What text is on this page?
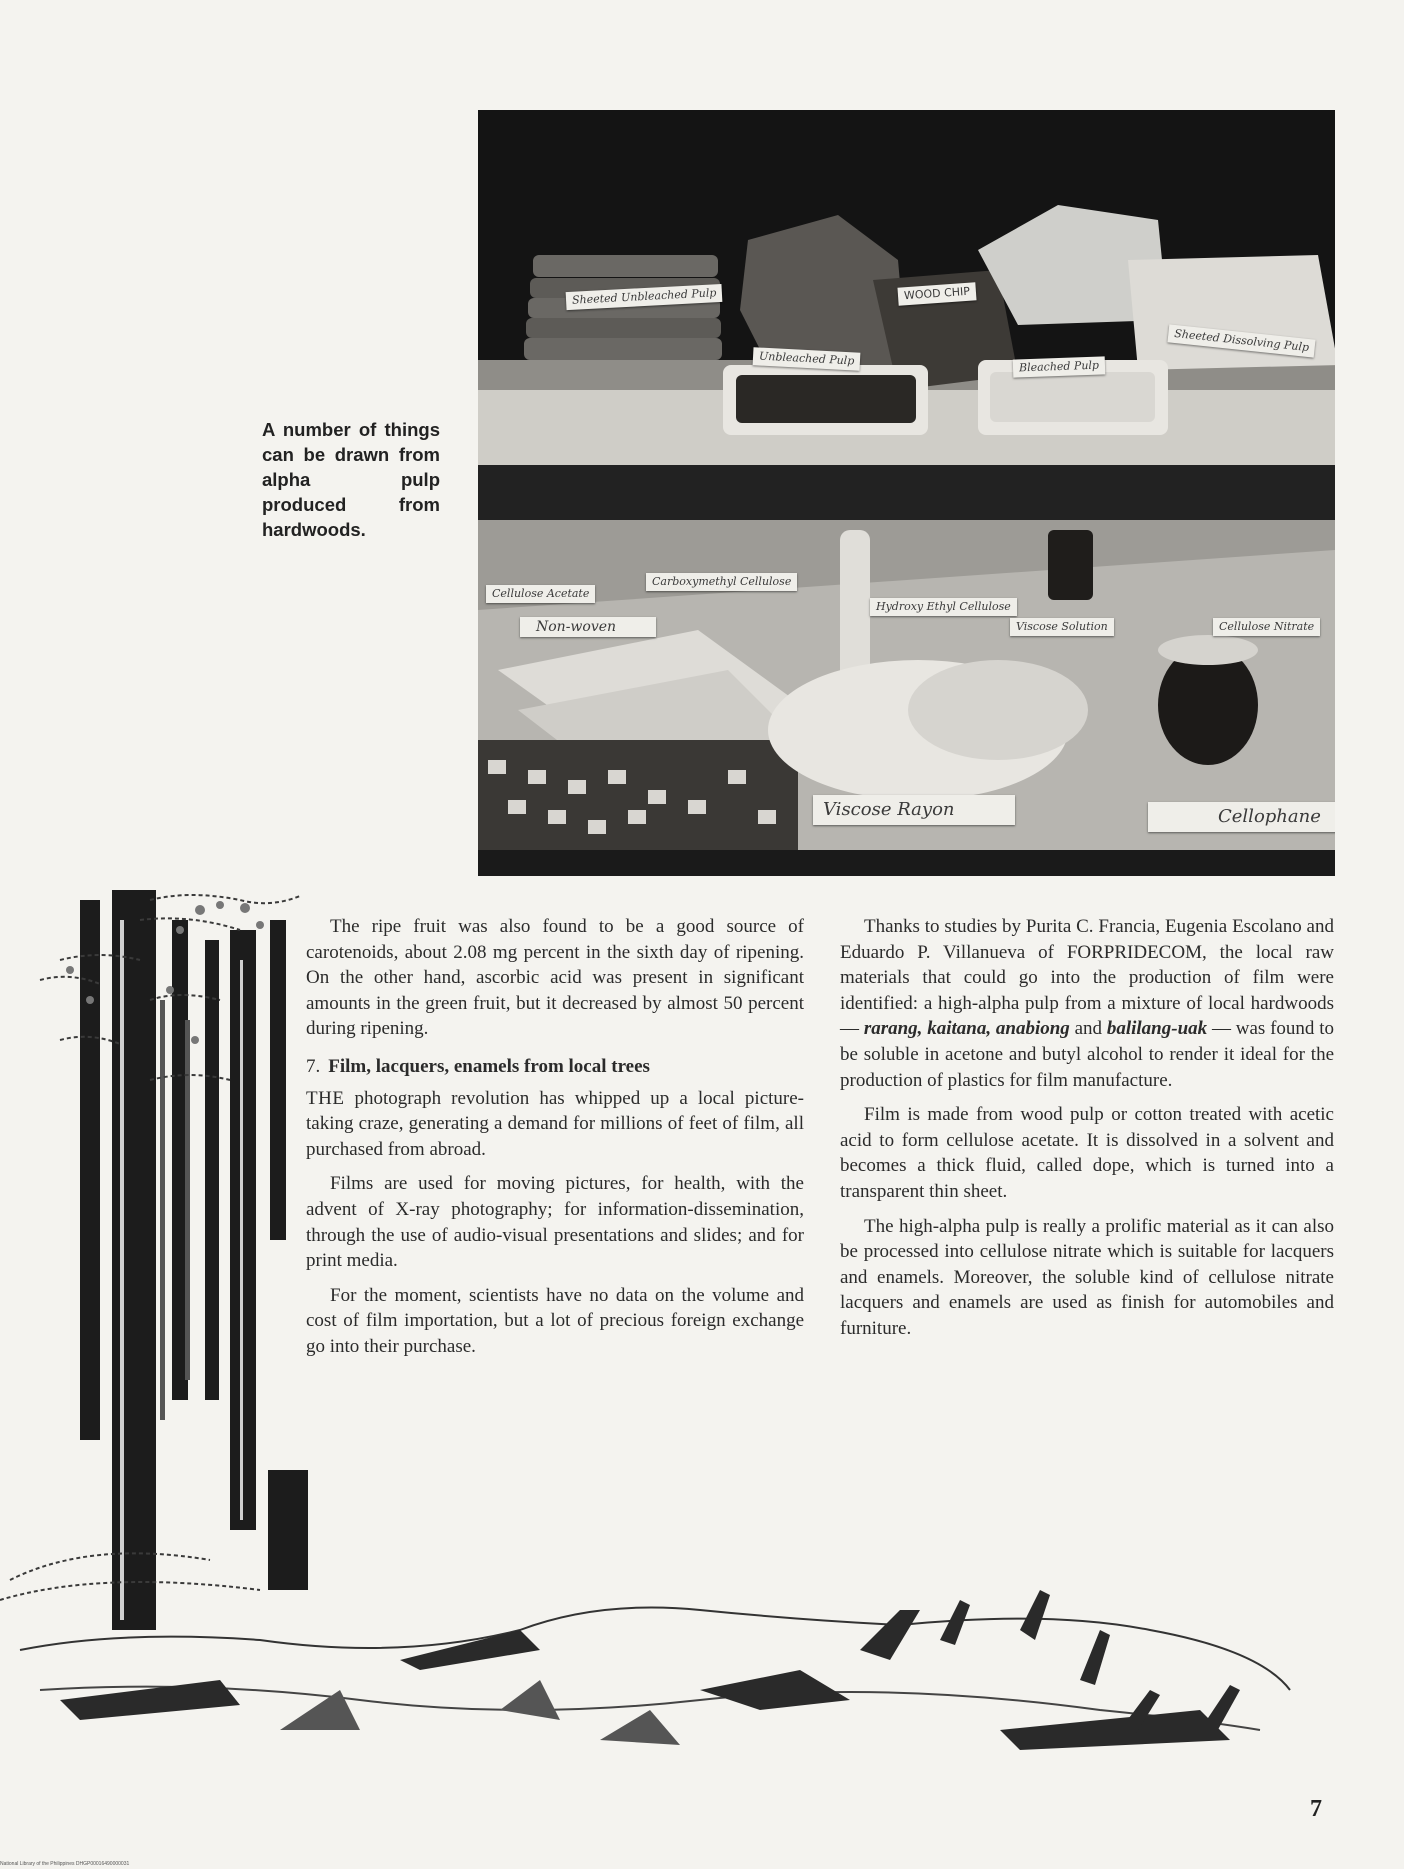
Sheeted Unbleached Pulp	WOOD CHIP
Unbleached Pulp	Bleached Pulp
Sheeted Dissolving Pulp
Cellulose Acetate
Carboxymethyl Cellulose
Non-woven
Hydroxy Ethyl Cellulose
Viscose Solution	Cellulose Nitrate
Viscose Rayon	Cellophane
A number of things can be drawn from alpha pulp produced from hardwoods.

The ripe fruit was also found to be a good source of carotenoids, about 2.08 mg percent in the sixth day of ripening. On the other hand, ascorbic acid was present in significant amounts in the green fruit, but it decreased by almost 50 percent during ripening.

7. Film, lacquers, enamels from local trees

THE photograph revolution has whipped up a local picture-taking craze, generating a demand for millions of feet of film, all purchased from abroad.

Films are used for moving pictures, for health, with the advent of X-ray photography; for information-dissemination, through the use of audio-visual presentations and slides; and for print media.

For the moment, scientists have no data on the volume and cost of film importation, but a lot of precious foreign exchange go into their purchase.

Thanks to studies by Purita C. Francia, Eugenia Escolano and Eduardo P. Villanueva of FORPRIDECOM, the local raw materials that could go into the production of film were identified: a high-alpha pulp from a mixture of local hardwoods — rarang, kaitana, anabiong and balilang-uak — was found to be soluble in acetone and butyl alcohol to render it ideal for the production of plastics for film manufacture.

Film is made from wood pulp or cotton treated with acetic acid to form cellulose acetate. It is dissolved in a solvent and becomes a thick fluid, called dope, which is turned into a transparent thin sheet.

The high-alpha pulp is really a prolific material as it can also be processed into cellulose nitrate which is suitable for lacquers and enamels. Moreover, the soluble kind of cellulose nitrate lacquers and enamels are used as finish for automobiles and furniture.

7
National Library of the Philippines DHGP00016490000031
